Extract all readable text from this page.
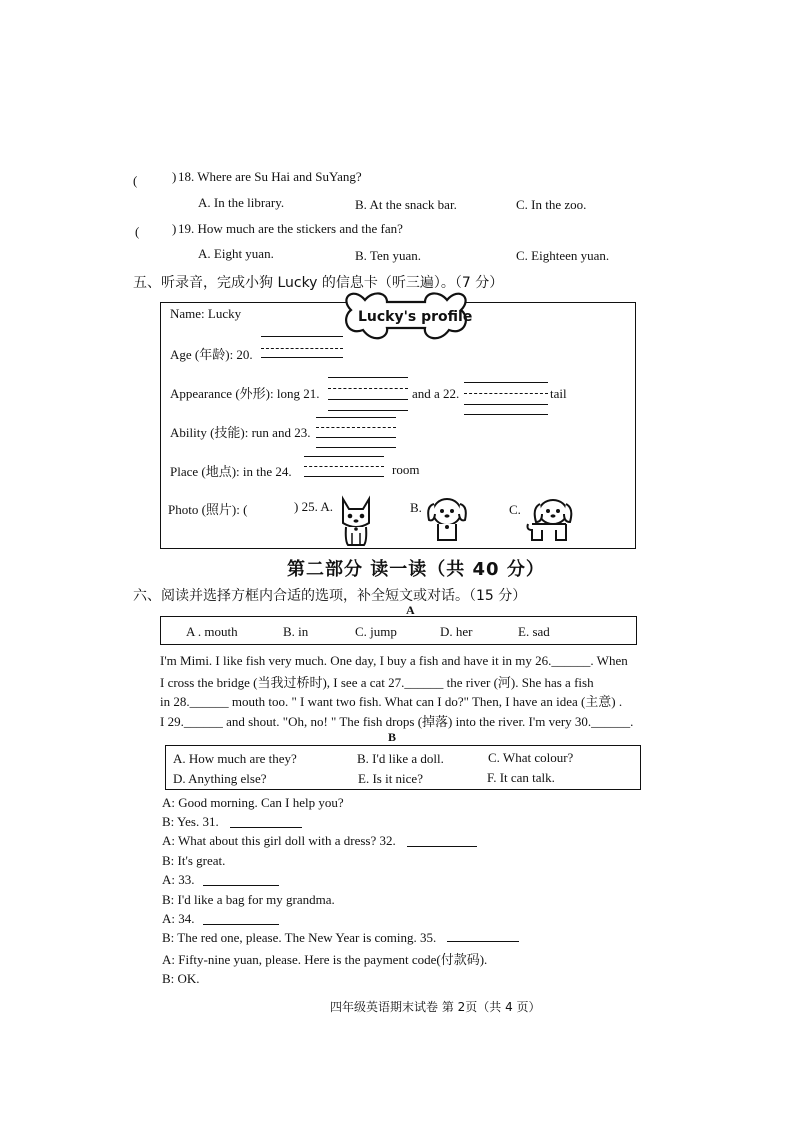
(	) 18. Where are Su Hai and SuYang?
A. In the library.	B. At the snack bar.	C. In the zoo.
(	) 19. How much are the stickers and the fan?
A. Eight yuan.	B. Ten yuan.	C. Eighteen yuan.
五、听录音，完成小狗 Lucky 的信息卡（听三遍）。（7 分）
Lucky's profile
Name: Lucky
Age (年龄): 20.
Appearance (外形): long 21.	and a 22.	tail
Ability (技能): run and 23.
Place (地点): in the 24.	room
Photo (照片): (	) 25. A.	B.	C.
第二部分 读一读（共 40 分）
六、阅读并选择方框内合适的选项，补全短文或对话。（15 分）
A
A . mouth	B. in	C. jump	D. her	E. sad
I'm Mimi. I like fish very much. One day, I buy a fish and have it in my 26.______. When
I cross the bridge (当我过桥时), I see a cat 27.______ the river (河). She has a fish
in 28.______ mouth too. " I want two fish. What can I do?" Then, I have an idea (主意) .
I 29.______ and shout. "Oh, no! " The fish drops (掉落) into the river. I'm very 30.______.
B
A. How much are they?	B. I'd like a doll.	C. What colour?
D. Anything else?	E. Is it nice?	F. It can talk.
A: Good morning. Can I help you?
B: Yes. 31.
A: What about this girl doll with a dress? 32.
B: It's great.
A: 33.
B: I'd like a bag for my grandma.
A: 34.
B: The red one, please. The New Year is coming. 35.
A: Fifty-nine yuan, please. Here is the payment code(付款码).
B: OK.
四年级英语期末试卷 第 2页（共 4 页）
